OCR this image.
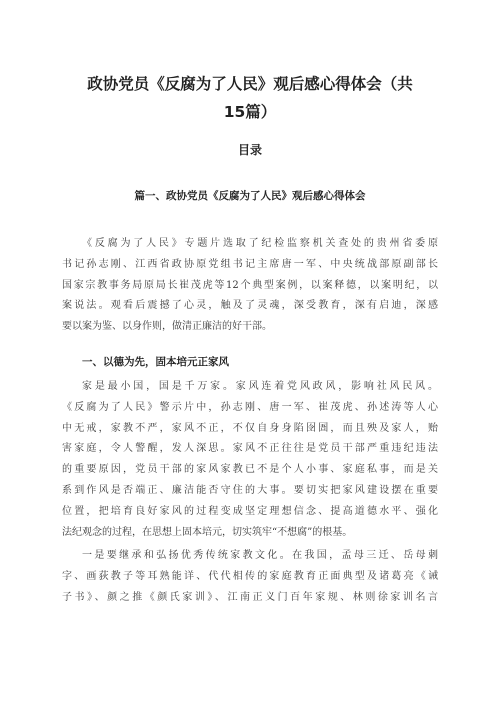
政协党员《反腐为了人民》观后感心得体会（共
15篇）
目录
篇一、政协党员《反腐为了人民》观后感心得体会

《反腐为了人民》专题片选取了纪检监察机关查处的贵州省委原
书记孙志刚、江西省政协原党组书记主席唐一军、中央统战部原副部长
国家宗教事务局原局长崔茂虎等12个典型案例，以案释德，以案明纪，以
案说法。观看后震撼了心灵，触及了灵魂，深受教育，深有启迪，深感
要以案为鉴、以身作则，做清正廉洁的好干部。

一、以德为先，固本培元正家风

家是最小国，国是千万家。家风连着党风政风，影响社风民风。
《反腐为了人民》警示片中，孙志刚、唐一军、崔茂虎、孙述涛等人心
中无戒，家教不严，家风不正，不仅自身身陷囹圄，而且殃及家人，贻
害家庭，令人警醒，发人深思。家风不正往往是党员干部严重违纪违法
的重要原因，党员干部的家风家教已不是个人小事、家庭私事，而是关
系到作风是否端正、廉洁能否守住的大事。要切实把家风建设摆在重要
位置，把培育良好家风的过程变成坚定理想信念、提高道德水平、强化
法纪观念的过程，在思想上固本培元，切实筑牢“不想腐”的根基。

一是要继承和弘扬优秀传统家教文化。在我国，孟母三迁、岳母刺
字、画荻教子等耳熟能详、代代相传的家庭教育正面典型及诸葛亮《诫
子书》、颜之推《颜氏家训》、江南正义门百年家规、林则徐家训名言
